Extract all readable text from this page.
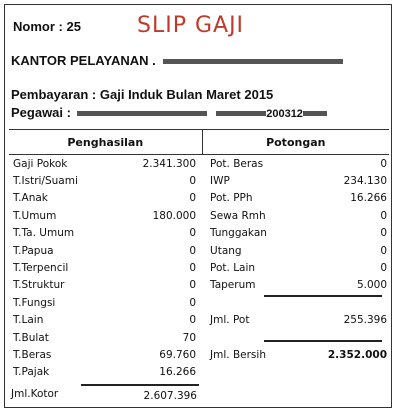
Nomor : 25	SLIP GAJI
KANTOR PELAYANAN .
Pembayaran : Gaji Induk Bulan Maret 2015
Pegawai :	200312
Penghasilan		Potongan	
Gaji Pokok	2.341.300	Pot. Beras	0
T.Istri/Suami	0	IWP	234.130
T.Anak	0	Pot. PPh	16.266
T.Umum	180.000	Sewa Rmh	0
T.Ta. Umum	0	Tunggakan	0
T.Papua	0	Utang	0
T.Terpencil	0	Pot. Lain	0
T.Struktur	0	Taperum	5.000
T.Fungsi	0		
T.Lain	0	Jml. Pot	255.396
T.Bulat	70		
T.Beras	69.760	Jml. Bersih	2.352.000
T.Pajak	16.266		
Jml.Kotor	2.607.396
